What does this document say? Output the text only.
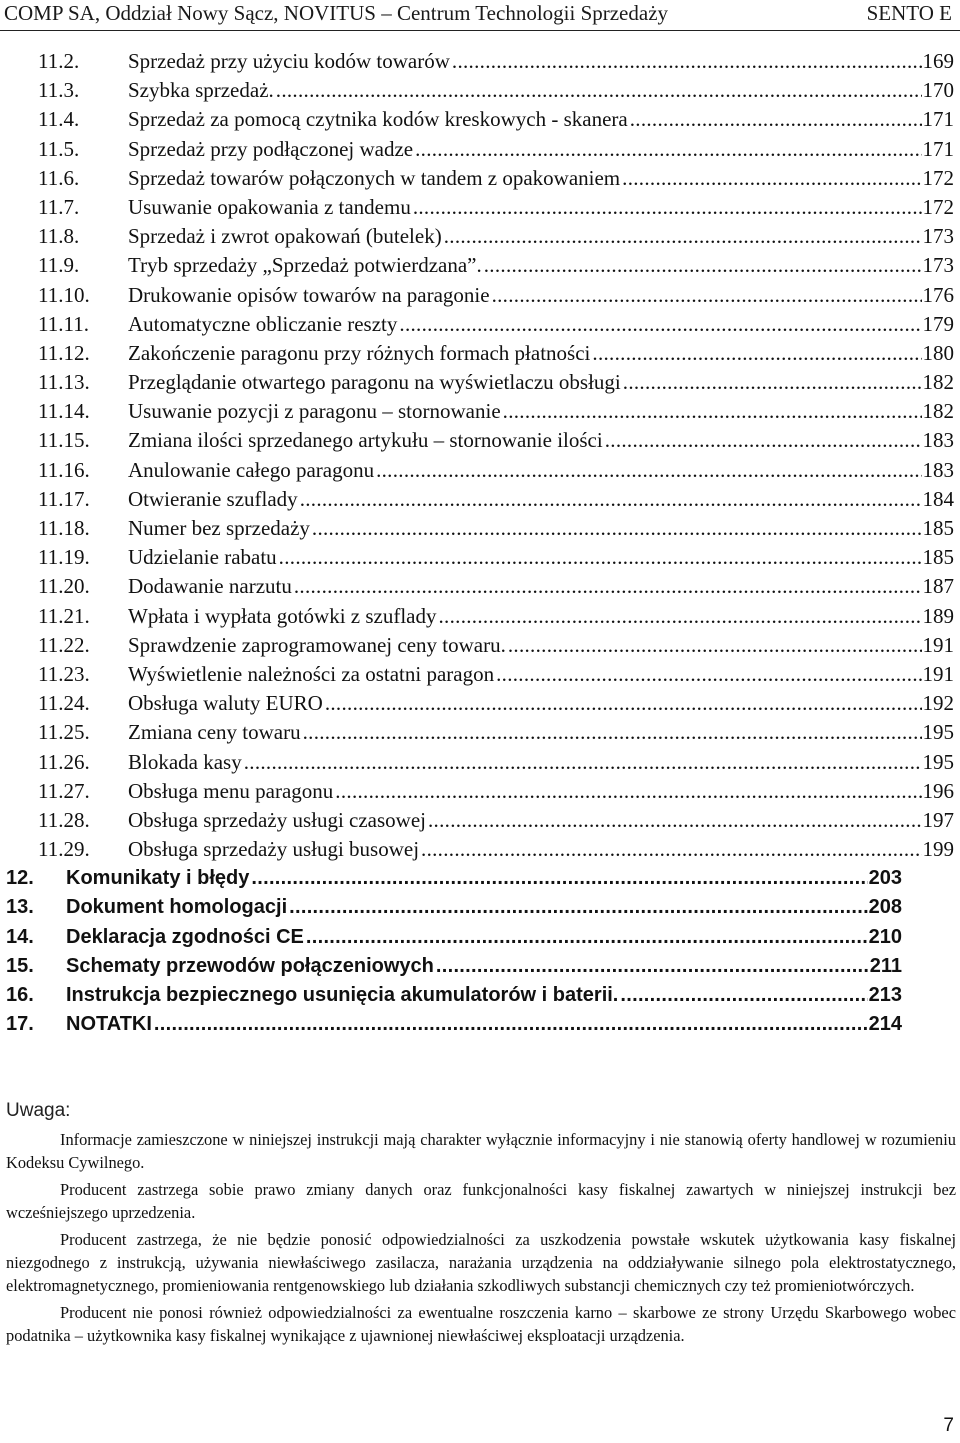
COMP SA, Oddział Nowy Sącz, NOVITUS – Centrum Technologii Sprzedaży	SENTO E
11.2. Sprzedaż przy użyciu kodów towarów .....	169
11.3. Szybka sprzedaż. .....	170
11.4. Sprzedaż za pomocą czytnika kodów kreskowych - skanera .....	171
11.5. Sprzedaż przy podłączonej wadze .....	171
11.6. Sprzedaż towarów połączonych w tandem z opakowaniem .....	172
11.7. Usuwanie opakowania z tandemu .....	172
11.8. Sprzedaż i zwrot opakowań (butelek) .....	173
11.9. Tryb sprzedaży „Sprzedaż potwierdzana”. .....	173
11.10. Drukowanie opisów towarów na paragonie .....	176
11.11. Automatyczne obliczanie reszty .....	179
11.12. Zakończenie paragonu przy różnych formach płatności .....	180
11.13. Przeglądanie otwartego paragonu na wyświetlaczu obsługi .....	182
11.14. Usuwanie pozycji z paragonu – stornowanie .....	182
11.15. Zmiana ilości sprzedanego artykułu – stornowanie ilości .....	183
11.16. Anulowanie całego paragonu .....	183
11.17. Otwieranie szuflady .....	184
11.18. Numer bez sprzedaży .....	185
11.19. Udzielanie rabatu .....	185
11.20. Dodawanie narzutu .....	187
11.21. Wpłata i wypłata gotówki z szuflady .....	189
11.22. Sprawdzenie zaprogramowanej ceny towaru. .....	191
11.23. Wyświetlenie należności za ostatni paragon .....	191
11.24. Obsługa waluty EURO .....	192
11.25. Zmiana ceny towaru .....	195
11.26. Blokada kasy .....	195
11.27. Obsługa menu paragonu .....	196
11.28. Obsługa sprzedaży usługi czasowej .....	197
11.29. Obsługa sprzedaży usługi busowej .....	199
12. Komunikaty i błędy .....	203
13. Dokument homologacji .....	208
14. Deklaracja zgodności CE .....	210
15. Schematy przewodów połączeniowych .....	211
16. Instrukcja bezpiecznego usunięcia akumulatorów i baterii. .....	213
17. NOTATKI .....	214
Uwaga:

Informacje zamieszczone w niniejszej instrukcji mają charakter wyłącznie informacyjny i nie stanowią oferty handlowej w rozumieniu Kodeksu Cywilnego.

Producent zastrzega sobie prawo zmiany danych oraz funkcjonalności kasy fiskalnej zawartych w niniejszej instrukcji bez wcześniejszego uprzedzenia.

Producent zastrzega, że nie będzie ponosić odpowiedzialności za uszkodzenia powstałe wskutek użytkowania kasy fiskalnej niezgodnego z instrukcją, używania niewłaściwego zasilacza, narażania urządzenia na oddziaływanie silnego pola elektrostatycznego, elektromagnetycznego, promieniowania rentgenowskiego lub działania szkodliwych substancji chemicznych czy też promieniotwórczych.

Producent nie ponosi również odpowiedzialności za ewentualne roszczenia karno – skarbowe ze strony Urzędu Skarbowego wobec podatnika – użytkownika kasy fiskalnej wynikające z ujawnionej niewłaściwej eksploatacji urządzenia.

7
